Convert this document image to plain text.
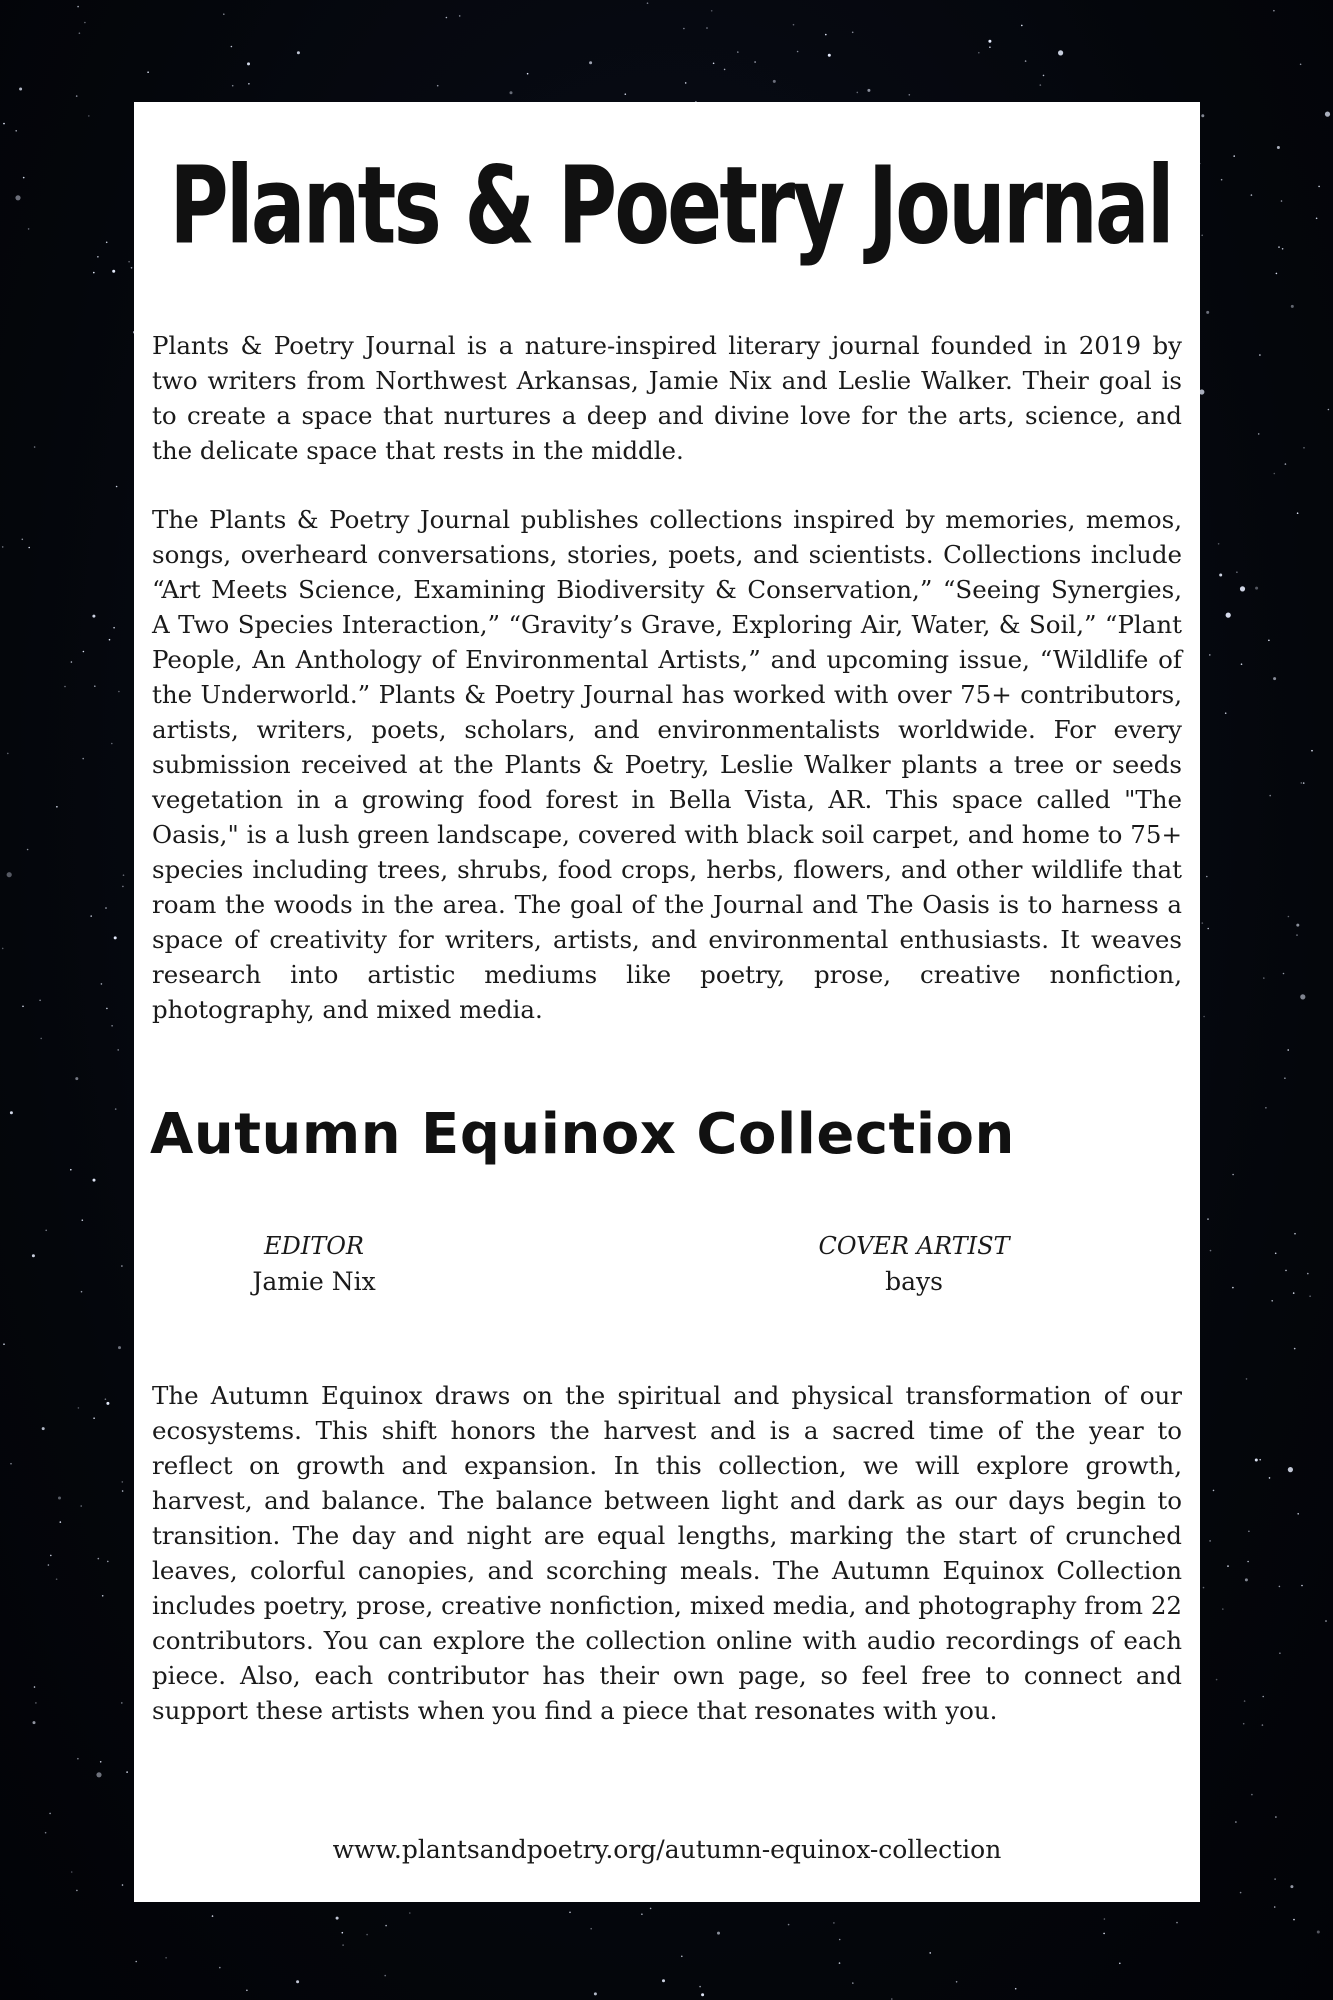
Plants & Poetry Journal

Plants & Poetry Journal is a nature-inspired literary journal founded in 2019 by two writers from Northwest Arkansas, Jamie Nix and Leslie Walker. Their goal is to create a space that nurtures a deep and divine love for the arts, science, and the delicate space that rests in the middle.

The Plants & Poetry Journal publishes collections inspired by memories, memos, songs, overheard conversations, stories, poets, and scientists. Collections include “Art Meets Science, Examining Biodiversity & Conservation,” “Seeing Synergies, A Two Species Interaction,” “Gravity’s Grave, Exploring Air, Water, & Soil,” “Plant People, An Anthology of Environmental Artists,” and upcoming issue, “Wildlife of the Underworld.” Plants & Poetry Journal has worked with over 75+ contributors, artists, writers, poets, scholars, and environmentalists worldwide. For every submission received at the Plants & Poetry, Leslie Walker plants a tree or seeds vegetation in a growing food forest in Bella Vista, AR. This space called "The Oasis," is a lush green landscape, covered with black soil carpet, and home to 75+ species including trees, shrubs, food crops, herbs, flowers, and other wildlife that roam the woods in the area. The goal of the Journal and The Oasis is to harness a space of creativity for writers, artists, and environmental enthusiasts. It weaves research into artistic mediums like poetry, prose, creative nonfiction, photography, and mixed media.

Autumn Equinox Collection
EDITOR
Jamie Nix
COVER ARTIST
bays

The Autumn Equinox draws on the spiritual and physical transformation of our ecosystems. This shift honors the harvest and is a sacred time of the year to reflect on growth and expansion. In this collection, we will explore growth, harvest, and balance. The balance between light and dark as our days begin to transition. The day and night are equal lengths, marking the start of crunched leaves, colorful canopies, and scorching meals. The Autumn Equinox Collection includes poetry, prose, creative nonfiction, mixed media, and photography from 22 contributors. You can explore the collection online with audio recordings of each piece. Also, each contributor has their own page, so feel free to connect and support these artists when you find a piece that resonates with you.

www.plantsandpoetry.org/autumn-equinox-collection
